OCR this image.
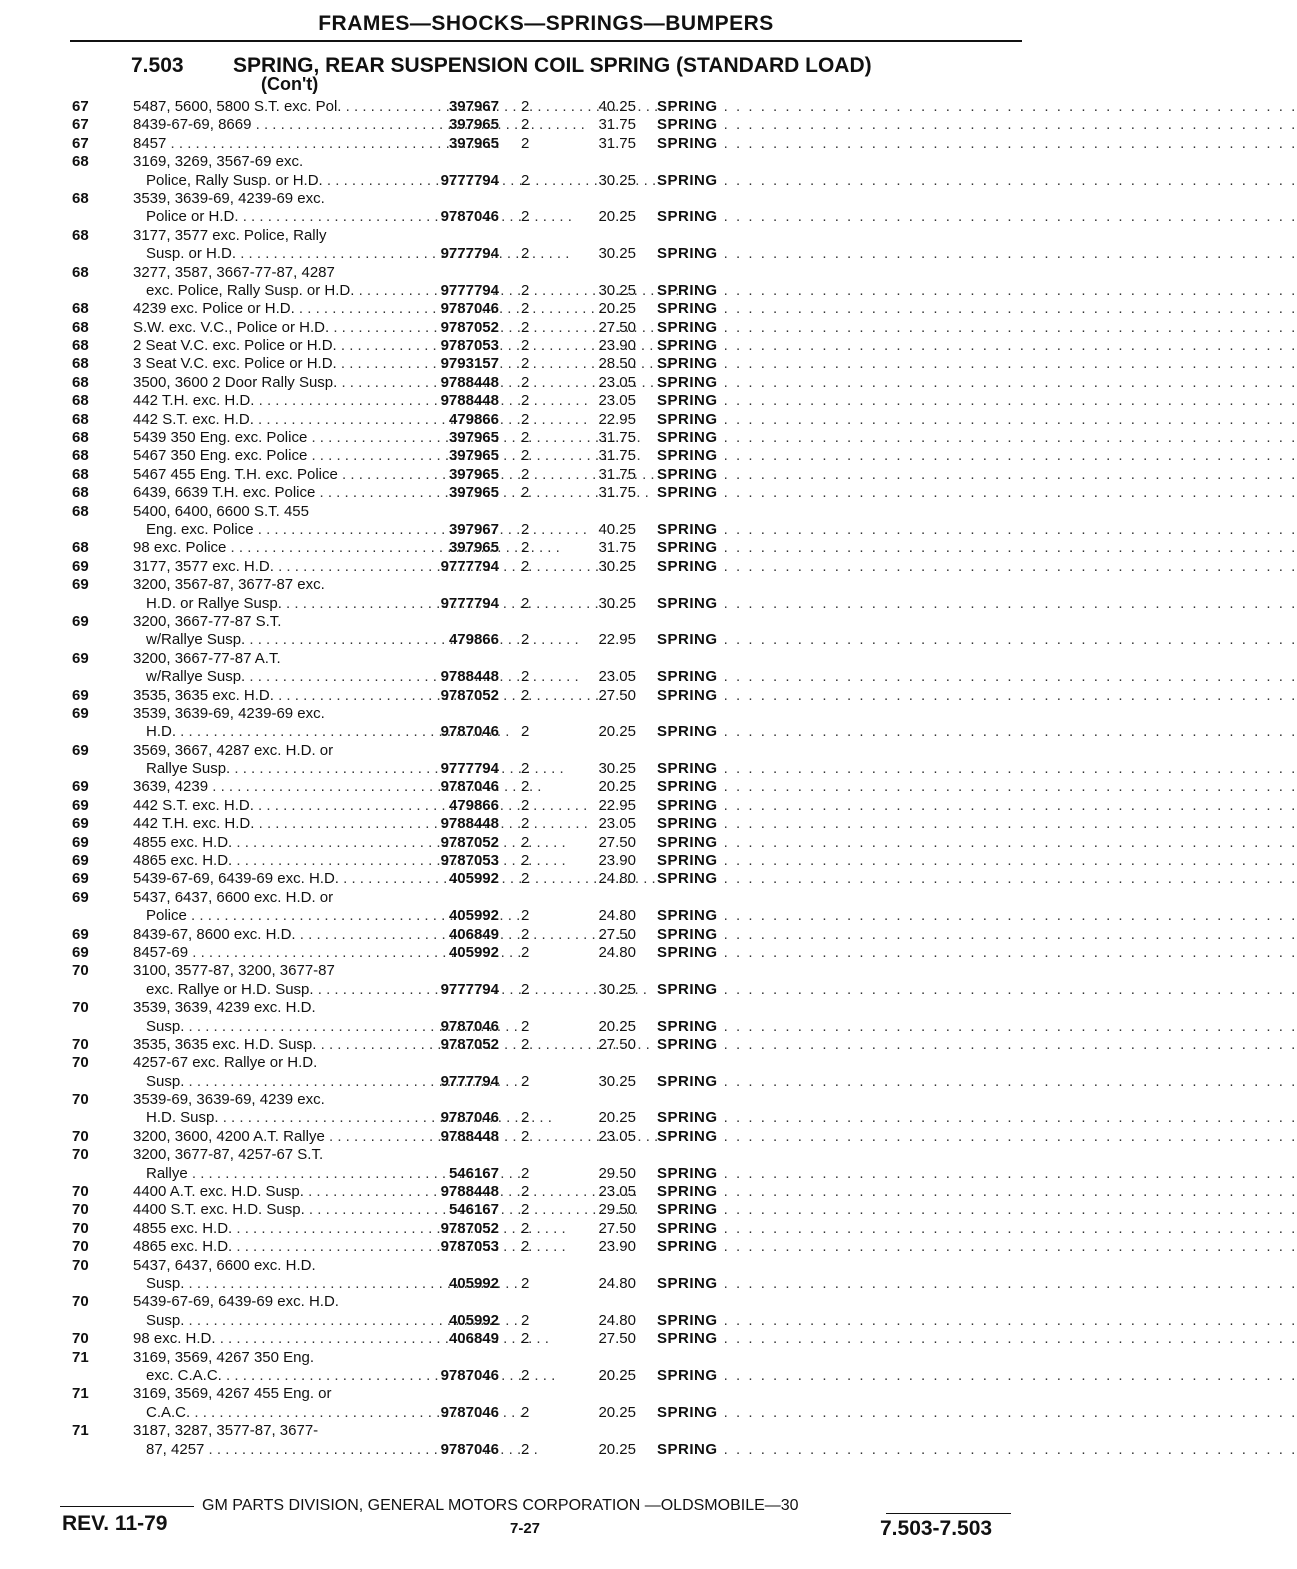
FRAMES—SHOCKS—SPRINGS—BUMPERS
7.503 SPRING, REAR SUSPENSION COIL SPRING (STANDARD LOAD)
(Con't)
67	5487, 5600, 5800 S.T. exc. Pol. . . .	397967 2	40.25 SPRING . . . . . . . . . . . . . . . . . . . . . . . . . . . . . . . . . . . . . . . . . . . . . . .
67	8439-67-69, 8669 . . .	397965 2	31.75 SPRING . . . . . . . . . . . . . . . . . . . . . . . . . . . . . . . . . . . . . . . . . . . . . . .
67	8457 . . .	397965 2	31.75 SPRING . . . . . . . . . . . . . . . . . . . . . . . . . . . . . . . . . . . . . . . . . . . . . . .
68	3169, 3269, 3567-69 exc.
Police, Rally Susp. or H.D. . . .	9777794 2	30.25 SPRING . . . . . . . . . . . . . . . . . . . . . . . . . . . . . . . . . . . . . . . . . . . . . . .
68	3539, 3639-69, 4239-69 exc.
Police or H.D. . . .	9787046 2	20.25 SPRING . . . . . . . . . . . . . . . . . . . . . . . . . . . . . . . . . . . . . . . . . . . . . . .
68	3177, 3577 exc. Police, Rally
Susp. or H.D. . . .	9777794 2	30.25 SPRING . . . . . . . . . . . . . . . . . . . . . . . . . . . . . . . . . . . . . . . . . . . . . . .
68	3277, 3587, 3667-77-87, 4287
exc. Police, Rally Susp. or H.D. . . .	9777794 2	30.25 SPRING . . . . . . . . . . . . . . . . . . . . . . . . . . . . . . . . . . . . . . . . . . . . . . .
68	4239 exc. Police or H.D. . . .	9787046 2	20.25 SPRING . . . . . . . . . . . . . . . . . . . . . . . . . . . . . . . . . . . . . . . . . . . . . . .
68	S.W. exc. V.C., Police or H.D. . . .	9787052 2	27.50 SPRING . . . . . . . . . . . . . . . . . . . . . . . . . . . . . . . . . . . . . . . . . . . . . . .
68	2 Seat V.C. exc. Police or H.D. . . .	9787053 2	23.90 SPRING . . . . . . . . . . . . . . . . . . . . . . . . . . . . . . . . . . . . . . . . . . . . . . .
68	3 Seat V.C. exc. Police or H.D. . . .	9793157 2	28.50 SPRING . . . . . . . . . . . . . . . . . . . . . . . . . . . . . . . . . . . . . . . . . . . . . . .
68	3500, 3600 2 Door Rally Susp. . . .	9788448 2	23.05 SPRING . . . . . . . . . . . . . . . . . . . . . . . . . . . . . . . . . . . . . . . . . . . . . . .
68	442 T.H. exc. H.D. . . .	9788448 2	23.05 SPRING . . . . . . . . . . . . . . . . . . . . . . . . . . . . . . . . . . . . . . . . . . . . . . .
68	442 S.T. exc. H.D. . . .	479866 2	22.95 SPRING . . . . . . . . . . . . . . . . . . . . . . . . . . . . . . . . . . . . . . . . . . . . . . .
68	5439 350 Eng. exc. Police . . .	397965 2	31.75 SPRING . . . . . . . . . . . . . . . . . . . . . . . . . . . . . . . . . . . . . . . . . . . . . . .
68	5467 350 Eng. exc. Police . . .	397965 2	31.75 SPRING . . . . . . . . . . . . . . . . . . . . . . . . . . . . . . . . . . . . . . . . . . . . . . .
68	5467 455 Eng. T.H. exc. Police . . .	397965 2	31.75 SPRING . . . . . . . . . . . . . . . . . . . . . . . . . . . . . . . . . . . . . . . . . . . . . . .
68	6439, 6639 T.H. exc. Police . . .	397965 2	31.75 SPRING . . . . . . . . . . . . . . . . . . . . . . . . . . . . . . . . . . . . . . . . . . . . . . .
68	5400, 6400, 6600 S.T. 455
Eng. exc. Police . . .	397967 2	40.25 SPRING . . . . . . . . . . . . . . . . . . . . . . . . . . . . . . . . . . . . . . . . . . . . . . .
68	98 exc. Police . . .	397965 2	31.75 SPRING . . . . . . . . . . . . . . . . . . . . . . . . . . . . . . . . . . . . . . . . . . . . . . .
69	3177, 3577 exc. H.D. . . .	9777794 2	30.25 SPRING . . . . . . . . . . . . . . . . . . . . . . . . . . . . . . . . . . . . . . . . . . . . . . .
69	3200, 3567-87, 3677-87 exc.
H.D. or Rallye Susp. . . .	9777794 2	30.25 SPRING . . . . . . . . . . . . . . . . . . . . . . . . . . . . . . . . . . . . . . . . . . . . . . .
69	3200, 3667-77-87 S.T.
w/Rallye Susp. . . .	479866 2	22.95 SPRING . . . . . . . . . . . . . . . . . . . . . . . . . . . . . . . . . . . . . . . . . . . . . . .
69	3200, 3667-77-87 A.T.
w/Rallye Susp. . . .	9788448 2	23.05 SPRING . . . . . . . . . . . . . . . . . . . . . . . . . . . . . . . . . . . . . . . . . . . . . . .
69	3535, 3635 exc. H.D. . . .	9787052 2	27.50 SPRING . . . . . . . . . . . . . . . . . . . . . . . . . . . . . . . . . . . . . . . . . . . . . . .
69	3539, 3639-69, 4239-69 exc.
H.D. . . .	9787046 2	20.25 SPRING . . . . . . . . . . . . . . . . . . . . . . . . . . . . . . . . . . . . . . . . . . . . . . .
69	3569, 3667, 4287 exc. H.D. or
Rallye Susp. . . .	9777794 2	30.25 SPRING . . . . . . . . . . . . . . . . . . . . . . . . . . . . . . . . . . . . . . . . . . . . . . .
69	3639, 4239 . . .	9787046 2	20.25 SPRING . . . . . . . . . . . . . . . . . . . . . . . . . . . . . . . . . . . . . . . . . . . . . . .
69	442 S.T. exc. H.D. . . .	479866 2	22.95 SPRING . . . . . . . . . . . . . . . . . . . . . . . . . . . . . . . . . . . . . . . . . . . . . . .
69	442 T.H. exc. H.D. . . .	9788448 2	23.05 SPRING . . . . . . . . . . . . . . . . . . . . . . . . . . . . . . . . . . . . . . . . . . . . . . .
69	4855 exc. H.D. . . .	9787052 2	27.50 SPRING . . . . . . . . . . . . . . . . . . . . . . . . . . . . . . . . . . . . . . . . . . . . . . .
69	4865 exc. H.D. . . .	9787053 2	23.90 SPRING . . . . . . . . . . . . . . . . . . . . . . . . . . . . . . . . . . . . . . . . . . . . . . .
69	5439-67-69, 6439-69 exc. H.D. . . .	405992 2	24.80 SPRING . . . . . . . . . . . . . . . . . . . . . . . . . . . . . . . . . . . . . . . . . . . . . . .
69	5437, 6437, 6600 exc. H.D. or
Police . . .	405992 2	24.80 SPRING . . . . . . . . . . . . . . . . . . . . . . . . . . . . . . . . . . . . . . . . . . . . . . .
69	8439-67, 8600 exc. H.D. . . .	406849 2	27.50 SPRING . . . . . . . . . . . . . . . . . . . . . . . . . . . . . . . . . . . . . . . . . . . . . . .
69	8457-69 . . .	405992 2	24.80 SPRING . . . . . . . . . . . . . . . . . . . . . . . . . . . . . . . . . . . . . . . . . . . . . . .
70	3100, 3577-87, 3200, 3677-87
exc. Rallye or H.D. Susp. . . .	9777794 2	30.25 SPRING . . . . . . . . . . . . . . . . . . . . . . . . . . . . . . . . . . . . . . . . . . . . . . .
70	3539, 3639, 4239 exc. H.D.
Susp. . . .	9787046 2	20.25 SPRING . . . . . . . . . . . . . . . . . . . . . . . . . . . . . . . . . . . . . . . . . . . . . . .
70	3535, 3635 exc. H.D. Susp. . . .	9787052 2	27.50 SPRING . . . . . . . . . . . . . . . . . . . . . . . . . . . . . . . . . . . . . . . . . . . . . . .
70	4257-67 exc. Rallye or H.D.
Susp. . . .	9777794 2	30.25 SPRING . . . . . . . . . . . . . . . . . . . . . . . . . . . . . . . . . . . . . . . . . . . . . . .
70	3539-69, 3639-69, 4239 exc.
H.D. Susp. . . .	9787046 2	20.25 SPRING . . . . . . . . . . . . . . . . . . . . . . . . . . . . . . . . . . . . . . . . . . . . . . .
70	3200, 3600, 4200 A.T. Rallye . . .	9788448 2	23.05 SPRING . . . . . . . . . . . . . . . . . . . . . . . . . . . . . . . . . . . . . . . . . . . . . . .
70	3200, 3677-87, 4257-67 S.T.
Rallye . . .	546167 2	29.50 SPRING . . . . . . . . . . . . . . . . . . . . . . . . . . . . . . . . . . . . . . . . . . . . . . .
70	4400 A.T. exc. H.D. Susp. . . .	9788448 2	23.05 SPRING . . . . . . . . . . . . . . . . . . . . . . . . . . . . . . . . . . . . . . . . . . . . . . .
70	4400 S.T. exc. H.D. Susp. . . .	546167 2	29.50 SPRING . . . . . . . . . . . . . . . . . . . . . . . . . . . . . . . . . . . . . . . . . . . . . . .
70	4855 exc. H.D. . . .	9787052 2	27.50 SPRING . . . . . . . . . . . . . . . . . . . . . . . . . . . . . . . . . . . . . . . . . . . . . . .
70	4865 exc. H.D. . . .	9787053 2	23.90 SPRING . . . . . . . . . . . . . . . . . . . . . . . . . . . . . . . . . . . . . . . . . . . . . . .
70	5437, 6437, 6600 exc. H.D.
Susp. . . .	405992 2	24.80 SPRING . . . . . . . . . . . . . . . . . . . . . . . . . . . . . . . . . . . . . . . . . . . . . . .
70	5439-67-69, 6439-69 exc. H.D.
Susp. . . .	405992 2	24.80 SPRING . . . . . . . . . . . . . . . . . . . . . . . . . . . . . . . . . . . . . . . . . . . . . . .
70	98 exc. H.D. . . .	406849 2	27.50 SPRING . . . . . . . . . . . . . . . . . . . . . . . . . . . . . . . . . . . . . . . . . . . . . . .
71	3169, 3569, 4267 350 Eng.
exc. C.A.C. . . .	9787046 2	20.25 SPRING . . . . . . . . . . . . . . . . . . . . . . . . . . . . . . . . . . . . . . . . . . . . . . .
71	3169, 3569, 4267 455 Eng. or
C.A.C. . . .	9787046 2	20.25 SPRING . . . . . . . . . . . . . . . . . . . . . . . . . . . . . . . . . . . . . . . . . . . . . . .
71	3187, 3287, 3577-87, 3677-
87, 4257 . . .	9787046 2	20.25 SPRING . . . . . . . . . . . . . . . . . . . . . . . . . . . . . . . . . . . . . . . . . . . . . . .
GM PARTS DIVISION, GENERAL MOTORS CORPORATION —OLDSMOBILE—30
REV. 11-79	7-27	7.503-7.503
